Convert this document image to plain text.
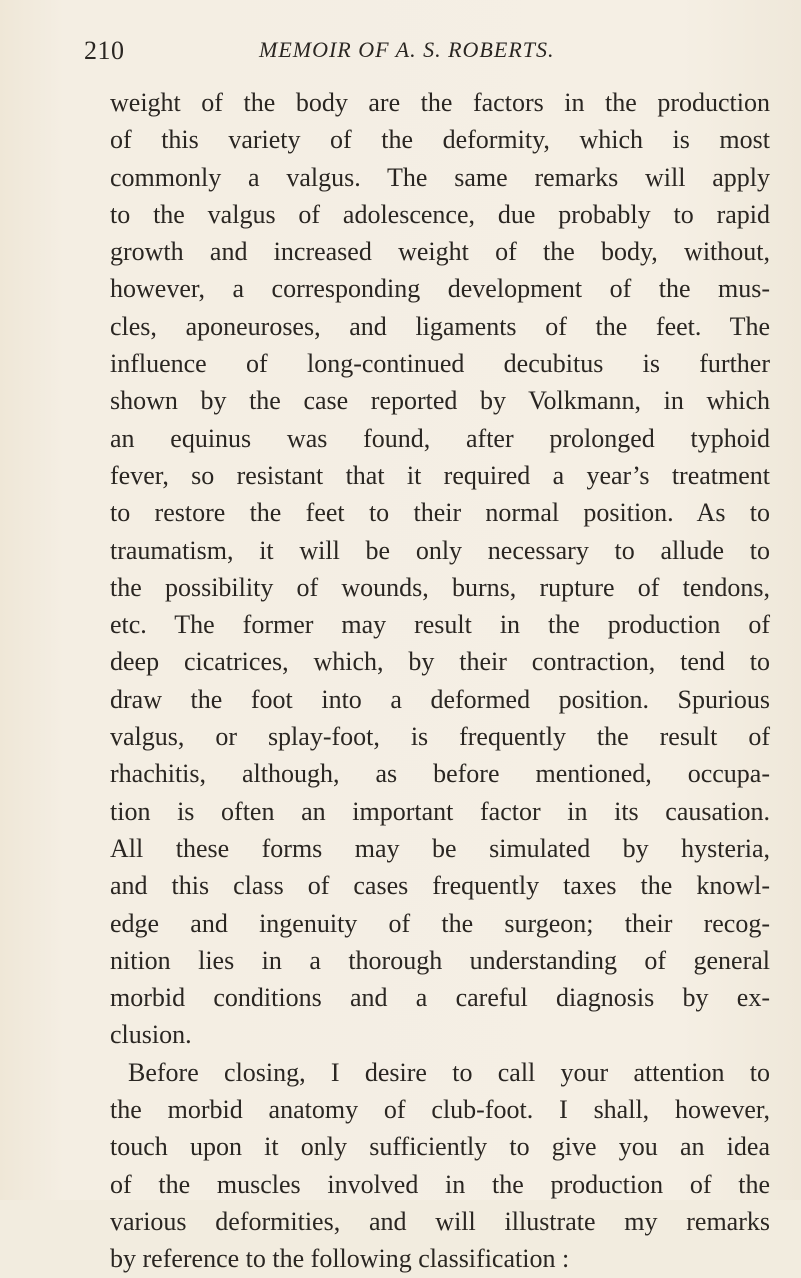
210	MEMOIR OF A. S. ROBERTS.
weight of the body are the factors in the production
of this variety of the deformity, which is most
commonly a valgus. The same remarks will apply
to the valgus of adolescence, due probably to rapid
growth and increased weight of the body, without,
however, a corresponding development of the mus-
cles, aponeuroses, and ligaments of the feet. The
influence of long-continued decubitus is further
shown by the case reported by Volkmann, in which
an equinus was found, after prolonged typhoid
fever, so resistant that it required a year’s treatment
to restore the feet to their normal position. As to
traumatism, it will be only necessary to allude to
the possibility of wounds, burns, rupture of tendons,
etc. The former may result in the production of
deep cicatrices, which, by their contraction, tend to
draw the foot into a deformed position. Spurious
valgus, or splay-foot, is frequently the result of
rhachitis, although, as before mentioned, occupa-
tion is often an important factor in its causation.
All these forms may be simulated by hysteria,
and this class of cases frequently taxes the knowl-
edge and ingenuity of the surgeon; their recog-
nition lies in a thorough understanding of general
morbid conditions and a careful diagnosis by ex-
clusion.
Before closing, I desire to call your attention to
the morbid anatomy of club-foot. I shall, however,
touch upon it only sufficiently to give you an idea
of the muscles involved in the production of the
various deformities, and will illustrate my remarks
by reference to the following classification :
